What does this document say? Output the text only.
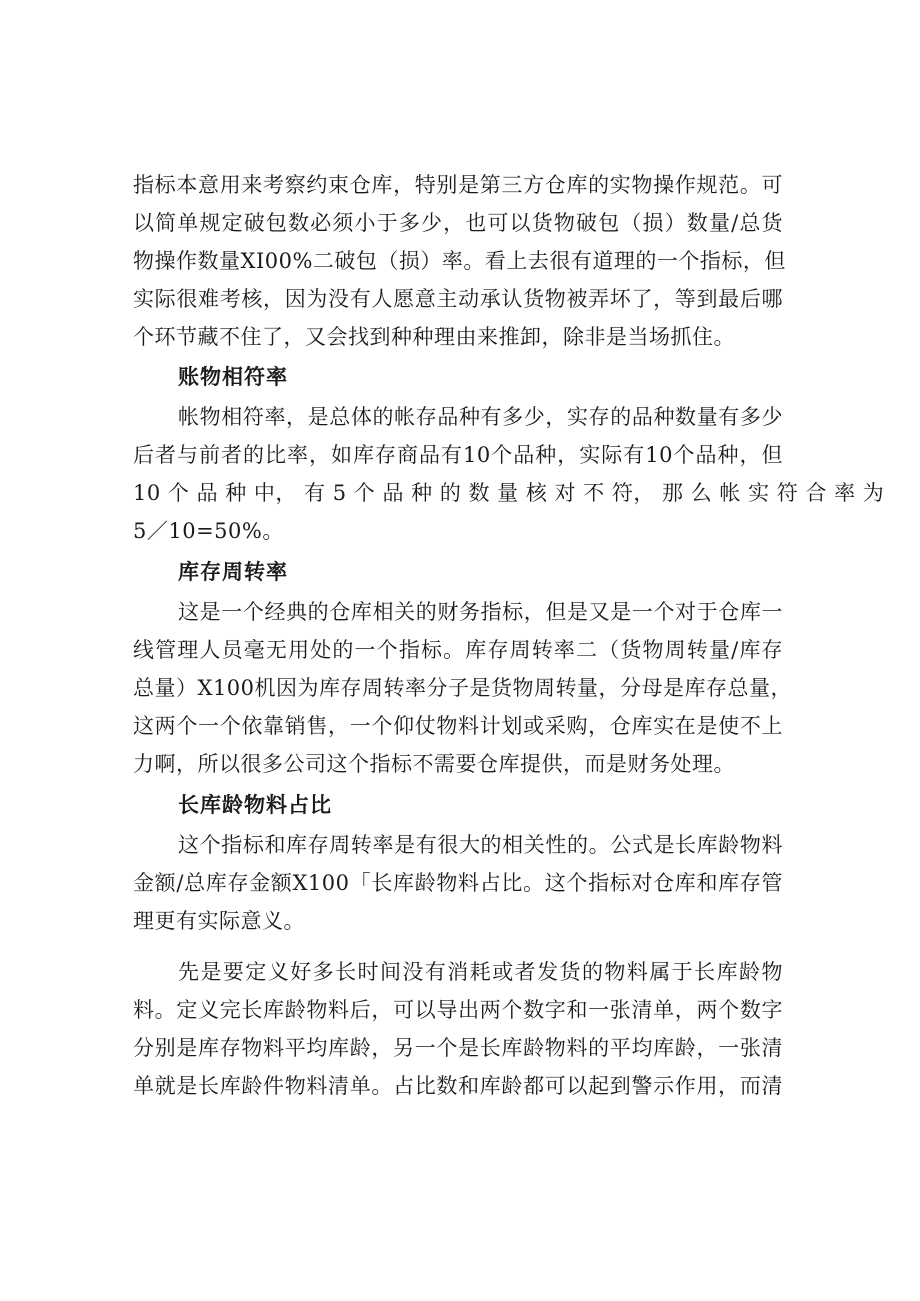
指标本意用来考察约束仓库，特别是第三方仓库的实物操作规范。可
以简单规定破包数必须小于多少，也可以货物破包（损）数量/总货
物操作数量XI00%二破包（损）率。看上去很有道理的一个指标，但
实际很难考核，因为没有人愿意主动承认货物被弄坏了，等到最后哪
个环节藏不住了，又会找到种种理由来推卸，除非是当场抓住。
账物相符率
帐物相符率，是总体的帐存品种有多少，实存的品种数量有多少
后者与前者的比率，如库存商品有10个品种，实际有10个品种，但
10 个 品 种 中， 有 5 个 品 种 的 数 量 核 对 不 符， 那 么 帐 实 符 合 率 为
5／10=50%。
库存周转率
这是一个经典的仓库相关的财务指标，但是又是一个对于仓库一
线管理人员毫无用处的一个指标。库存周转率二（货物周转量/库存
总量）X100机因为库存周转率分子是货物周转量，分母是库存总量，
这两个一个依靠销售，一个仰仗物料计划或采购，仓库实在是使不上
力啊，所以很多公司这个指标不需要仓库提供，而是财务处理。
长库龄物料占比
这个指标和库存周转率是有很大的相关性的。公式是长库龄物料
金额/总库存金额X100「长库龄物料占比。这个指标对仓库和库存管
理更有实际意义。
先是要定义好多长时间没有消耗或者发货的物料属于长库龄物
料。定义完长库龄物料后，可以导出两个数字和一张清单，两个数字
分别是库存物料平均库龄，另一个是长库龄物料的平均库龄，一张清
单就是长库龄件物料清单。占比数和库龄都可以起到警示作用，而清
